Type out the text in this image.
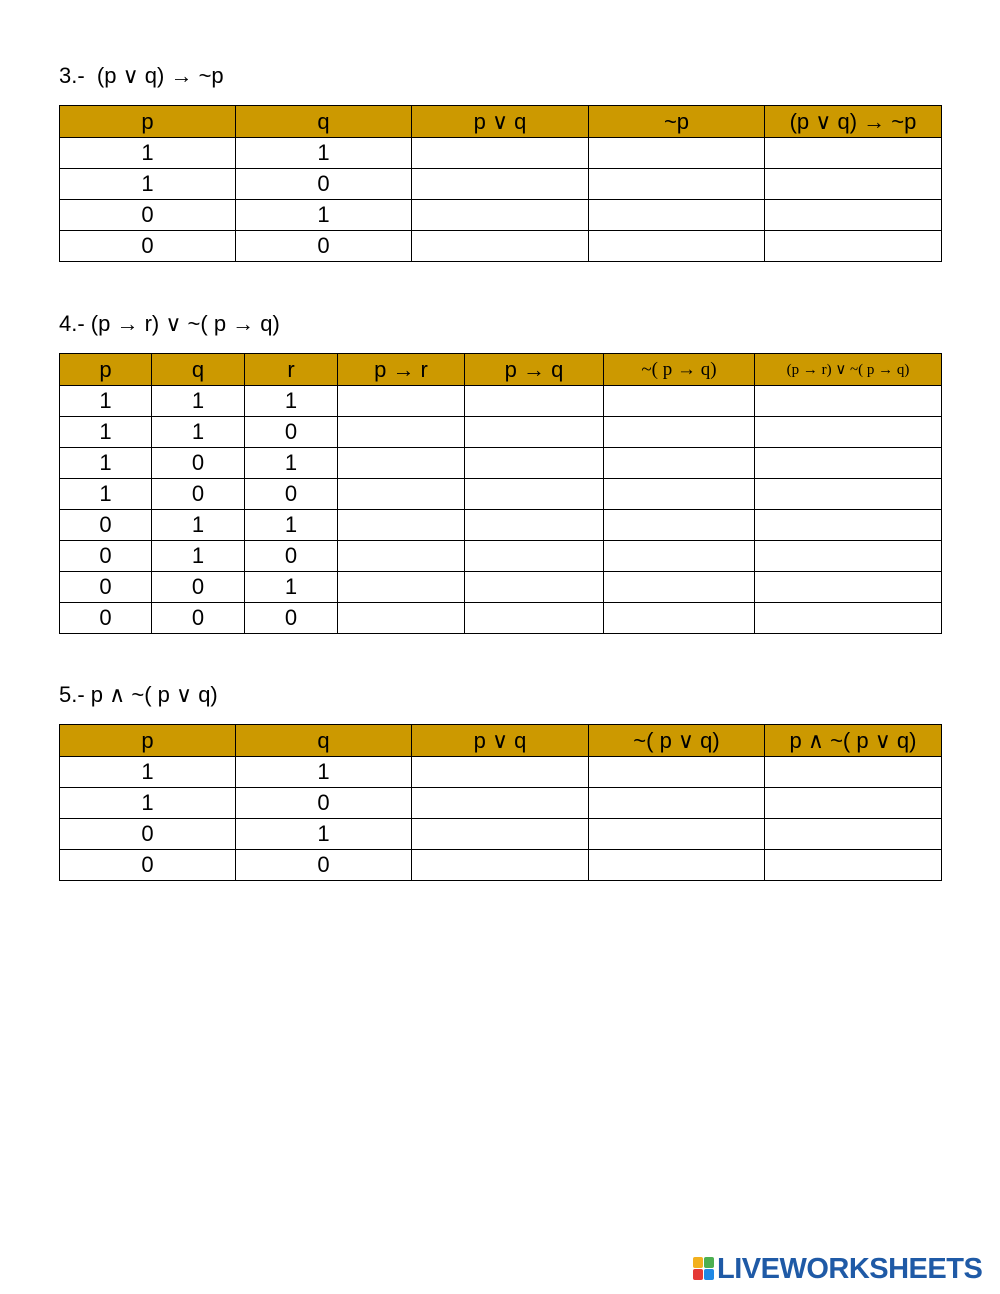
3.-  (p ∨ q) → ~p
p	q	p ∨ q	~p	(p ∨ q) → ~p
1	1			
1	0			
0	1			
0	0			
4.- (p → r) ∨ ~( p → q)
p	q	r	p → r	p → q	~( p → q)	(p → r) ∨ ~( p → q)
1	1	1				
1	1	0				
1	0	1				
1	0	0				
0	1	1				
0	1	0				
0	0	1				
0	0	0				
5.- p ∧ ~( p ∨ q)
p	q	p ∨ q	~( p ∨ q)	p ∧ ~( p ∨ q)
1	1			
1	0			
0	1			
0	0			
LIVEWORKSHEETS
